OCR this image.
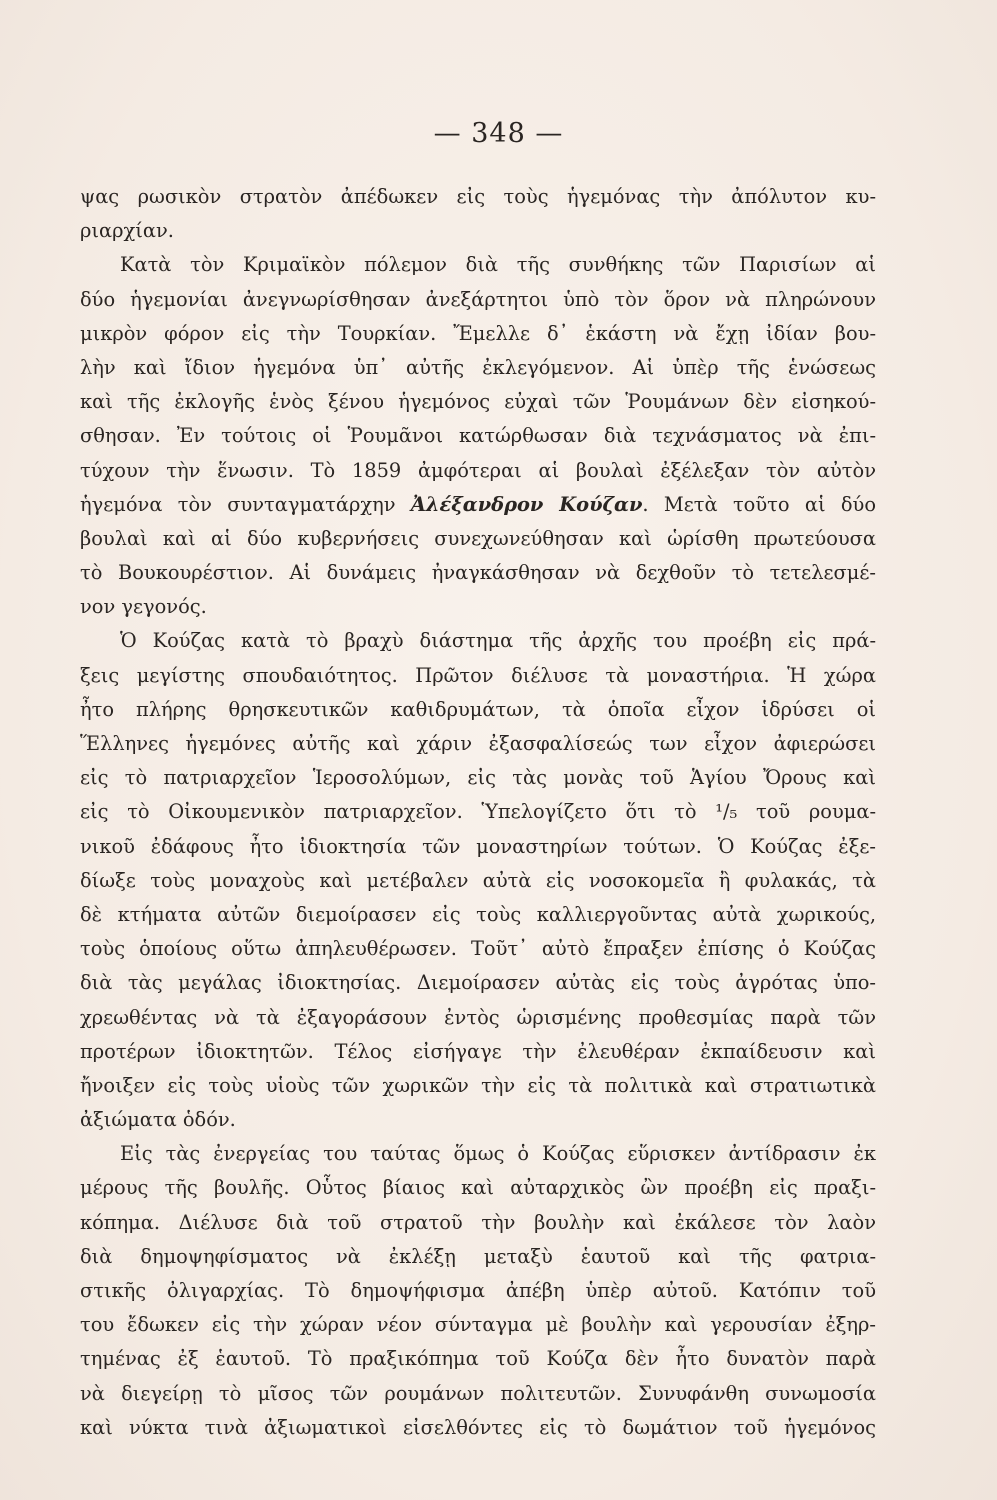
— 348 —
ψας ρωσικὸν στρατὸν ἀπέδωκεν εἰς τοὺς ἡγεμόνας τὴν ἀπόλυτον κυ-
ριαρχίαν.
Κατὰ τὸν Κριμαϊκὸν πόλεμον διὰ τῆς συνθήκης τῶν Παρισίων αἱ
δύο ἡγεμονίαι ἀνεγνωρίσθησαν ἀνεξάρτητοι ὑπὸ τὸν ὅρον νὰ πληρώνουν
μικρὸν φόρον εἰς τὴν Τουρκίαν. Ἔμελλε δ᾽ ἑκάστη νὰ ἔχῃ ἰδίαν βου-
λὴν καὶ ἴδιον ἡγεμόνα ὑπ᾽ αὐτῆς ἐκλεγόμενον. Αἱ ὑπὲρ τῆς ἑνώσεως
καὶ τῆς ἐκλογῆς ἑνὸς ξένου ἡγεμόνος εὐχαὶ τῶν Ῥουμάνων δὲν εἰσηκού-
σθησαν. Ἐν τούτοις οἱ Ῥουμᾶνοι κατώρθωσαν διὰ τεχνάσματος νὰ ἐπι-
τύχουν τὴν ἕνωσιν. Τὸ 1859 ἀμφότεραι αἱ βουλαὶ ἐξέλεξαν τὸν αὐτὸν
ἡγεμόνα τὸν συνταγματάρχην Ἀλέξανδρον Κούζαν. Μετὰ τοῦτο αἱ δύο
βουλαὶ καὶ αἱ δύο κυβερνήσεις συνεχωνεύθησαν καὶ ὡρίσθη πρωτεύουσα
τὸ Βουκουρέστιον. Αἱ δυνάμεις ἠναγκάσθησαν νὰ δεχθοῦν τὸ τετελεσμέ-
νον γεγονός.
Ὁ Κούζας κατὰ τὸ βραχὺ διάστημα τῆς ἀρχῆς του προέβη εἰς πρά-
ξεις μεγίστης σπουδαιότητος. Πρῶτον διέλυσε τὰ μοναστήρια. Ἡ χώρα
ἦτο πλήρης θρησκευτικῶν καθιδρυμάτων, τὰ ὁποῖα εἶχον ἱδρύσει οἱ
Ἕλληνες ἡγεμόνες αὐτῆς καὶ χάριν ἐξασφαλίσεώς των εἶχον ἀφιερώσει
εἰς τὸ πατριαρχεῖον Ἱεροσολύμων, εἰς τὰς μονὰς τοῦ Ἁγίου Ὄρους καὶ
εἰς τὸ Οἰκουμενικὸν πατριαρχεῖον. Ὑπελογίζετο ὅτι τὸ ¹/₅ τοῦ ρουμα-
νικοῦ ἐδάφους ἦτο ἰδιοκτησία τῶν μοναστηρίων τούτων. Ὁ Κούζας ἐξε-
δίωξε τοὺς μοναχοὺς καὶ μετέβαλεν αὐτὰ εἰς νοσοκομεῖα ἢ φυλακάς, τὰ
δὲ κτήματα αὐτῶν διεμοίρασεν εἰς τοὺς καλλιεργοῦντας αὐτὰ χωρικούς,
τοὺς ὁποίους οὕτω ἀπηλευθέρωσεν. Τοῦτ᾽ αὐτὸ ἔπραξεν ἐπίσης ὁ Κούζας
διὰ τὰς μεγάλας ἰδιοκτησίας. Διεμοίρασεν αὐτὰς εἰς τοὺς ἀγρότας ὑπο-
χρεωθέντας νὰ τὰ ἐξαγοράσουν ἐντὸς ὡρισμένης προθεσμίας παρὰ τῶν
προτέρων ἰδιοκτητῶν. Τέλος εἰσήγαγε τὴν ἐλευθέραν ἐκπαίδευσιν καὶ
ἤνοιξεν εἰς τοὺς υἱοὺς τῶν χωρικῶν τὴν εἰς τὰ πολιτικὰ καὶ στρατιωτικὰ
ἀξιώματα ὁδόν.
Εἰς τὰς ἐνεργείας του ταύτας ὅμως ὁ Κούζας εὕρισκεν ἀντίδρασιν ἐκ
μέρους τῆς βουλῆς. Οὗτος βίαιος καὶ αὐταρχικὸς ὢν προέβη εἰς πραξι-
κόπημα. Διέλυσε διὰ τοῦ στρατοῦ τὴν βουλὴν καὶ ἐκάλεσε τὸν λαὸν
διὰ δημοψηφίσματος νὰ ἐκλέξῃ μεταξὺ ἑαυτοῦ καὶ τῆς φατρια-
στικῆς ὀλιγαρχίας. Τὸ δημοψήφισμα ἀπέβη ὑπὲρ αὐτοῦ. Κατόπιν τοῦ
του ἔδωκεν εἰς τὴν χώραν νέον σύνταγμα μὲ βουλὴν καὶ γερουσίαν ἐξηρ-
τημένας ἐξ ἑαυτοῦ. Τὸ πραξικόπημα τοῦ Κούζα δὲν ἦτο δυνατὸν παρὰ
νὰ διεγείρῃ τὸ μῖσος τῶν ρουμάνων πολιτευτῶν. Συνυφάνθη συνωμοσία
καὶ νύκτα τινὰ ἀξιωματικοὶ εἰσελθόντες εἰς τὸ δωμάτιον τοῦ ἡγεμόνος
